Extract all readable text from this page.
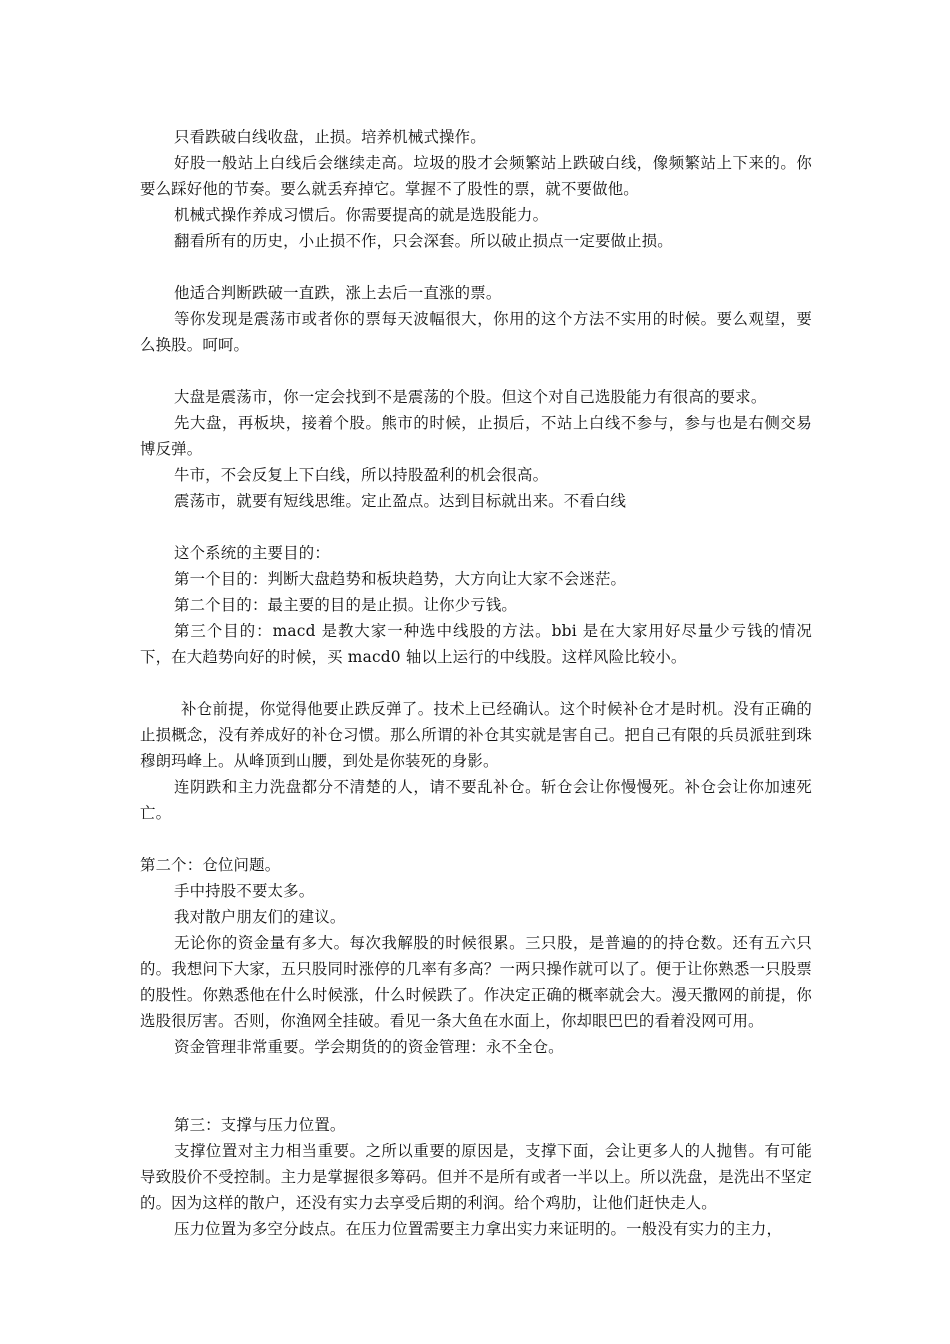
只看跌破白线收盘，止损。培养机械式操作。

好股一般站上白线后会继续走高。垃圾的股才会频繁站上跌破白线，像频繁站上下来的。你要么踩好他的节奏。要么就丢弃掉它。掌握不了股性的票，就不要做他。

机械式操作养成习惯后。你需要提高的就是选股能力。

翻看所有的历史，小止损不作，只会深套。所以破止损点一定要做止损。

他适合判断跌破一直跌，涨上去后一直涨的票。

等你发现是震荡市或者你的票每天波幅很大，你用的这个方法不实用的时候。要么观望，要么换股。呵呵。

大盘是震荡市，你一定会找到不是震荡的个股。但这个对自己选股能力有很高的要求。

先大盘，再板块，接着个股。熊市的时候，止损后，不站上白线不参与，参与也是右侧交易博反弹。

牛市，不会反复上下白线，所以持股盈利的机会很高。

震荡市，就要有短线思维。定止盈点。达到目标就出来。不看白线

这个系统的主要目的：

第一个目的：判断大盘趋势和板块趋势，大方向让大家不会迷茫。

第二个目的：最主要的目的是止损。让你少亏钱。

第三个目的：macd 是教大家一种选中线股的方法。bbi 是在大家用好尽量少亏钱的情况下，在大趋势向好的时候，买 macd0 轴以上运行的中线股。这样风险比较小。

补仓前提，你觉得他要止跌反弹了。技术上已经确认。这个时候补仓才是时机。没有正确的止损概念，没有养成好的补仓习惯。那么所谓的补仓其实就是害自己。把自己有限的兵员派驻到珠穆朗玛峰上。从峰顶到山腰，到处是你装死的身影。

连阴跌和主力洗盘都分不清楚的人，请不要乱补仓。斩仓会让你慢慢死。补仓会让你加速死亡。

第二个：仓位问题。

手中持股不要太多。

我对散户朋友们的建议。

无论你的资金量有多大。每次我解股的时候很累。三只股，是普遍的的持仓数。还有五六只的。我想问下大家，五只股同时涨停的几率有多高？一两只操作就可以了。便于让你熟悉一只股票的股性。你熟悉他在什么时候涨，什么时候跌了。作决定正确的概率就会大。漫天撒网的前提，你选股很厉害。否则，你渔网全挂破。看见一条大鱼在水面上，你却眼巴巴的看着没网可用。

资金管理非常重要。学会期货的的资金管理：永不全仓。

第三：支撑与压力位置。

支撑位置对主力相当重要。之所以重要的原因是，支撑下面，会让更多人的人抛售。有可能导致股价不受控制。主力是掌握很多筹码。但并不是所有或者一半以上。所以洗盘，是洗出不坚定的。因为这样的散户，还没有实力去享受后期的利润。给个鸡肋，让他们赶快走人。

压力位置为多空分歧点。在压力位置需要主力拿出实力来证明的。一般没有实力的主力，
